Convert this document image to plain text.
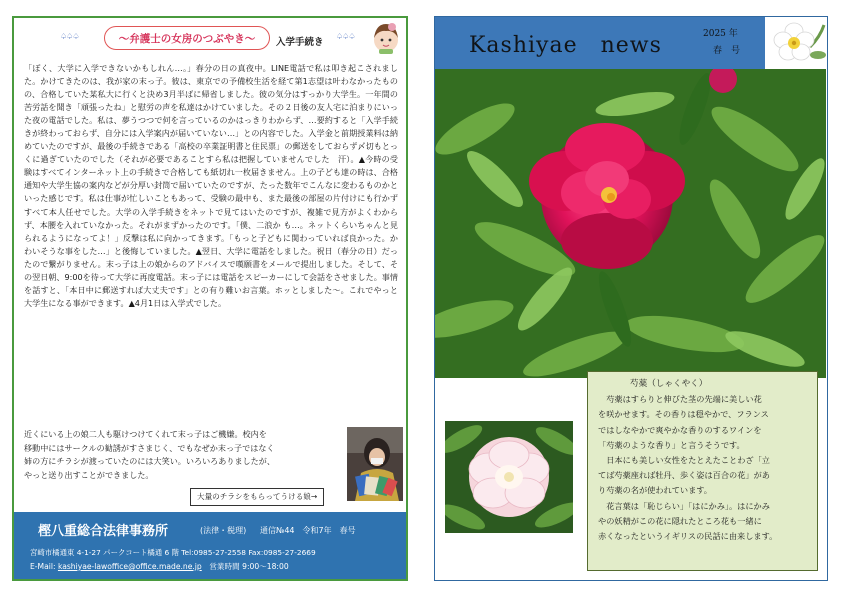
♤♤♤	〜弁護士の女房のつぶやき〜 入学手続き
♤♤♤

「ぼく、大学に入学できないかもしれん…。」春分の日の真夜中。LINE電話で私は叩き起こされました。かけてきたのは、我が家の末っ子。彼は、東京での予備校生活を経て第1志望は叶わなかったものの、合格していた某私大に行くと決め3月半ばに帰省しました。彼の気分はすっかり大学生。一年間の苦労話を聞き「頑張ったね」と慰労の声を私達はかけていました。その２日後の友人宅に泊まりにいった夜の電話でした。私は、夢うつつで何を言っているのかはっきりわからず、…要約すると「入学手続きが終わっておらず、自分には入学案内が届いていない…」との内容でした。入学金と前期授業料は納めていたのですが、最後の手続きである「高校の卒業証明書と住民票」の郵送をしておらず〆切もとっくに過ぎていたのでした（それが必要であることすら私は把握していませんでした　汗）。▲今時の受験はすべてインターネット上の手続きで合格しても紙切れ一枚届きません。上の子ども達の時は、合格通知や大学生協の案内などが分厚い封筒で届いていたのですが、たった数年でこんなに変わるものかといった感じです。私は仕事が忙しいこともあって、受験の最中も、また最後の部屋の片付けにも行かずすべて本人任せでした。大学の入学手続きをネットで見てはいたのですが、複雑で見方がよくわからず、本腰を入れていなかった。それがまずかったのです。「僕、二浪か も…。ネットくらいちゃんと見られるようになってよ！」反撃は私に向かってきます。「もっと子どもに関わっていれば良かった。かわいそうな事をした…」と後悔していました。▲翌日、大学に電話をしました。祝日（春分の日）だったので繋がりません。末っ子は上の娘からのアドバイスで嘆願書をメールで提出しました。そして、その翌日朝、9:00を待って大学に再度電話。末っ子には電話をスピーカーにして会話をさせました。事情を話すと、「本日中に郵送すれば大丈夫です」との有り難いお言葉。ホッとしました〜。これでやっと大学生になる事ができます。▲4月1日は入学式でした。

近くにいる上の娘二人も駆けつけてくれて末っ子はご機嫌。校内を
移動中にはサークルの勧誘がすさまじく、でもなぜか末っ子ではなく
姉の方にチラシが渡っていたのには大笑い。いろいろありましたが、
やっと送り出すことができました。
大量のチラシをもらってうける娘→
樫八重総合法律事務所	(法律・税理) 通信№44　令和7年　春号
宮崎市橘通東 4-1-27 パークコート橘通 6 階 Tel:0985-27-2558 Fax:0985-27-2669
E-Mail: kashiyae-lawoffice@office.made.ne.jp　営業時間 9:00〜18:00
Kashiyae　news	2025 年
春　号
芍薬（しゃくやく）
　芍薬はすらりと伸びた茎の先端に美しい花
を咲かせます。その香りは穏やかで、フランス
ではしなやかで爽やかな香りのするワインを
「芍薬のような香り」と言うそうです。
　日本にも美しい女性をたとえたことわざ「立
てば芍薬座れば牡丹、歩く姿は百合の花」があ
り芍薬の名が使われています。
　花言葉は「恥じらい」「はにかみ」。はにかみ
やの妖精がこの花に隠れたところ花も一緒に
赤くなったというイギリスの民話に由来します。
